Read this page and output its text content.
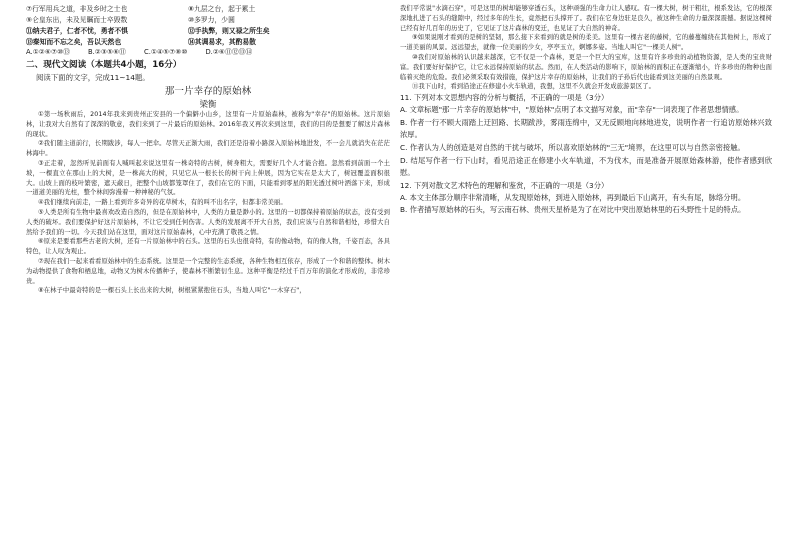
⑦行军用兵之道，非及乡时之士也	⑧九层之台，起于累土
⑨仑皇东出，未及见瞩而士卒毁数	⑩多罗力，少圆
⑪纳夫君子，仁者不忧，勇者不惧	⑫手执弊，则又禄之所生矣
⑬秦知而不忘之矣，吾以天然也	⑭其调易求，其酌易散
A.①②⑥⑦⑩⑬	B.②③⑤⑥⑪	C.①④⑤⑦⑧⑩	D.②⑥⑪⑫⑬⑭
二、现代文阅读（本题共4小题，16分）
阅读下面的文字，完成11~14题。
那一片幸存的原始林
梁衡

①第一场秋雨后，2014年我来到贵州正安县的一个偏僻小山乡，这里有一片原始森林，被称为"幸存"的原始林。这片原始林，让我对大自然有了深深的敬意，我们来到了一片最后的原始林。2016年我又再次来到这里，我们的目的是想要了解这片森林的现状。

②我们随主道前行，长期跋涉，每人一把伞。尽管天正渐大雨，我们还是沿着小路深入原始林地进发，不一会儿就消失在茫茫林海中。

③正走着，忽然听见前面有人喊叫起来说这里有一株奇特的古树，树身粗大，需要好几个人才能合抱。忽然看到前面一个土坡，一棵直立在那山上的大树，是一株高大的树，只见它从一根长长的树干向上伸展，因为它实在是太大了，树冠覆盖面积很大。山坡上面的枝叶繁密，遮天蔽日，把整个山坡都笼罩住了，我们在它的下面，只能看到零星的阳光透过树叶洒落下来，形成一道道美丽的光柱，整个林间弥漫着一种神秘的气氛。

④我们继续向前走，一路上看到许多奇异的花草树木，有的叫不出名字，但都非常美丽。

⑤人类是所有生物中最喜欢改造自然的，但是在原始林中，人类的力量是渺小的。这里的一切都保持着原始的状态，没有受到人类的破坏。我们要保护好这片原始林，不让它受到任何伤害。人类的发展离不开大自然，我们应该与自然和谐相处，珍惜大自然给予我们的一切。今天我们站在这里，面对这片原始森林，心中充满了敬畏之情。

⑥原来是要看那些古老的大树，还有一片原始林中的石头。这里的石头也很奇特，有的像动物，有的像人物，千姿百态，各具特色，让人叹为观止。

⑦现在我们一起来看看原始林中的生态系统。这里是一个完整的生态系统，各种生物相互依存，形成了一个和谐的整体。树木为动物提供了食物和栖息地，动物又为树木传播种子，使森林不断繁衍生息。这种平衡是经过千百万年的演化才形成的，非常珍贵。

⑧在林子中最奇特的是一棵石头上长出来的大树，树根紧紧抱住石头，当地人叫它"一木穿石"，

我们平常说"水滴石穿"，可是这里的树却能够穿透石头，这种顽强的生命力让人感叹。有一棵大树，树干粗壮，根系发达，它的根深深地扎进了石头的缝隙中，经过多年的生长，竟然把石头撑开了。我们在它身边驻足良久，被这种生命的力量深深震撼。据说这棵树已经有好几百年的历史了，它见证了这片森林的变迁，也见证了大自然的神奇。

⑨如果说刚才看到的是树的坚韧，那么接下来看到的就是树的柔美。这里有一棵古老的藤树，它的藤蔓缠绕在其他树上，形成了一道美丽的风景。远远望去，就像一位美丽的少女，亭亭玉立，婀娜多姿。当地人叫它"一棵美人树"。

⑩我们对原始林的认识越来越深，它不仅是一个森林，更是一个巨大的宝库，这里有许多珍贵的动植物资源，是人类的宝贵财富。我们要好好保护它，让它永远保持原始的状态。然而，在人类活动的影响下，原始林的面积正在逐渐缩小，许多珍贵的物种也面临着灭绝的危险。我们必须采取有效措施，保护这片幸存的原始林，让我们的子孙后代也能看到这美丽的自然景观。

⑪我下山时，看到沿途正在修建小火车轨道，我想，这里不久就会开发成旅游景区了。

11. 下列对本文思想内容的分析与概括，不正确的一项是（3分）
A. 文章标题"那一片幸存的原始林"中，"原始林"点明了本文描写对象，而"幸存"一词表现了作者思想情感。
B. 作者一行不顾大雨踏上迂回路、长期跋涉，雾雨连绵中，又无反顾地向林地进发，说明作者一行追访原始林兴致浓厚。
C. 作者认为人的创造是对自然的干扰与破坏，所以喜欢原始林的"三无"境界，在这里可以与自然亲密接触。
D. 结尾写作者一行下山时，看见沿途正在修建小火车轨道，不为伐木，而是准备开展原始森林游，使作者感到欣慰。
12. 下列对散文艺术特色的理解和鉴赏，不正确的一项是（3分）
A. 本文主体部分顺序非常清晰，从发现原始林，到进入原始林，再到最后下山离开，有头有尾，脉络分明。
B. 作者描写原始林的石头，写云南石林、贵州天星桥是为了在对比中突出原始林里的石头野性十足的特点。
